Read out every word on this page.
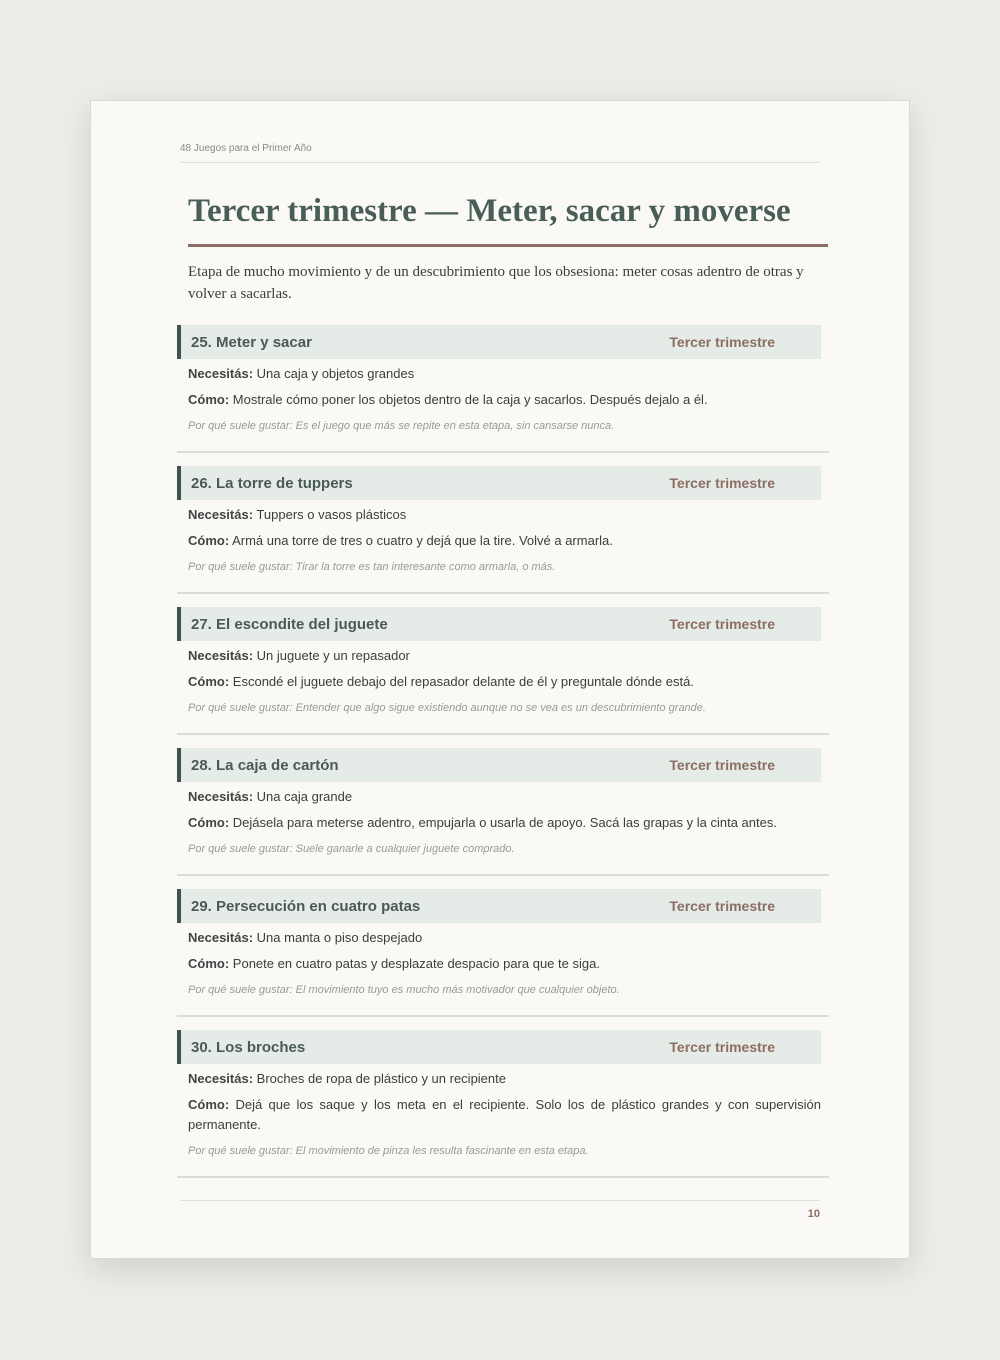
48 Juegos para el Primer Año
Tercer trimestre — Meter, sacar y moverse

Etapa de mucho movimiento y de un descubrimiento que los obsesiona: meter cosas adentro de otras y volver a sacarlas.

25. Meter y sacar	Tercer trimestre

Necesitás: Una caja y objetos grandes

Cómo: Mostrale cómo poner los objetos dentro de la caja y sacarlos. Después dejalo a él.

Por qué suele gustar: Es el juego que más se repite en esta etapa, sin cansarse nunca.

26. La torre de tuppers	Tercer trimestre

Necesitás: Tuppers o vasos plásticos

Cómo: Armá una torre de tres o cuatro y dejá que la tire. Volvé a armarla.

Por qué suele gustar: Tirar la torre es tan interesante como armarla, o más.

27. El escondite del juguete	Tercer trimestre

Necesitás: Un juguete y un repasador

Cómo: Escondé el juguete debajo del repasador delante de él y preguntale dónde está.

Por qué suele gustar: Entender que algo sigue existiendo aunque no se vea es un descubrimiento grande.

28. La caja de cartón	Tercer trimestre

Necesitás: Una caja grande

Cómo: Dejásela para meterse adentro, empujarla o usarla de apoyo. Sacá las grapas y la cinta antes.

Por qué suele gustar: Suele ganarle a cualquier juguete comprado.

29. Persecución en cuatro patas	Tercer trimestre

Necesitás: Una manta o piso despejado

Cómo: Ponete en cuatro patas y desplazate despacio para que te siga.

Por qué suele gustar: El movimiento tuyo es mucho más motivador que cualquier objeto.

30. Los broches	Tercer trimestre

Necesitás: Broches de ropa de plástico y un recipiente

Cómo: Dejá que los saque y los meta en el recipiente. Solo los de plástico grandes y con supervisión permanente.

Por qué suele gustar: El movimiento de pinza les resulta fascinante en esta etapa.

10
